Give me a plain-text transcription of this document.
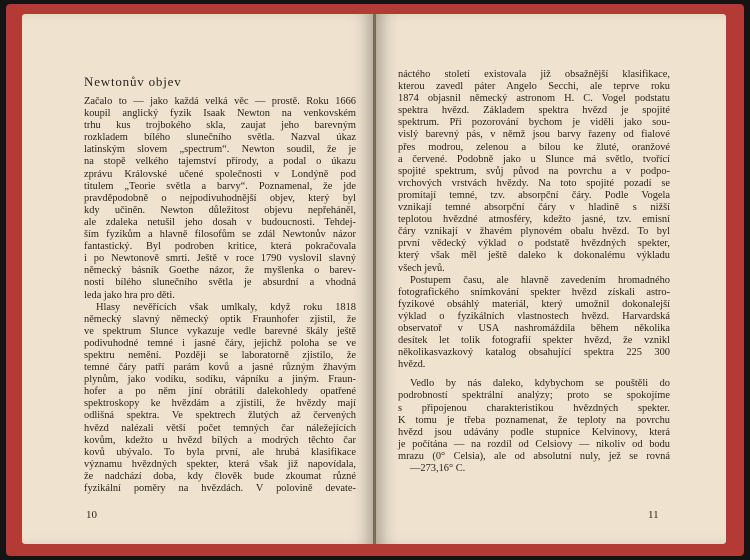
Newtonův objev
Začalo to — jako každá velká věc — prostě. Roku 1666
koupil anglický fyzik Isaak Newton na venkovském
trhu kus trojbokého skla, zaujat jeho barevným
rozkladem bílého slunečního světla. Nazval úkaz
latinským slovem „spectrum“. Newton soudil, že je
na stopě velkého tajemství přírody, a podal o úkazu
zprávu Královské učené společnosti v Londýně pod
titulem „Teorie světla a barvy“. Poznamenal, že jde
pravděpodobně o nejpodivuhodnější objev, který byl
kdy učiněn. Newton důležitost objevu nepřeháněl,
ale zdaleka netušil jeho dosah v budoucnosti. Tehdej-
ším fyzikům a hlavně filosofům se zdál Newtonův názor
fantastický. Byl podroben kritice, která pokračovala
i po Newtonově smrti. Ještě v roce 1790 vyslovil slavný
německý básník Goethe názor, že myšlenka o barev-
nosti bílého slunečního světla je absurdní a vhodná
leda jako hra pro děti.
Hlasy nevěřících však umlkaly, když roku 1818
německý slavný německý optik Fraunhofer zjistil, že
ve spektrum Slunce vykazuje vedle barevné škály ještě
podivuhodné temné i jasné čáry, jejichž poloha se ve
spektru nemění. Později se laboratorně zjistilo, že
temné čáry patří parám kovů a jasné různým žhavým
plynům, jako vodíku, sodíku, vápníku a jiným. Fraun-
hofer a po něm jiní obrátili dalekohledy opatřené
spektroskopy ke hvězdám a zjistili, že hvězdy mají
odlišná spektra. Ve spektrech žlutých až červených
hvězd nalézali větší počet temných čar náležejících
kovům, kdežto u hvězd bílých a modrých těchto čar
kovů ubývalo. To byla první, ale hrubá klasifikace
významu hvězdných spekter, která však již napovídala,
že nadchází doba, kdy člověk bude zkoumat různé
fyzikální poměry na hvězdách. V polovině devate-
10
náctého století existovala již obsažnější klasifikace,
kterou zavedl páter Angelo Secchi, ale teprve roku
1874 objasnil německý astronom H. C. Vogel podstatu
spektra hvězd. Základem spektra hvězd je spojité
spektrum. Při pozorování bychom je viděli jako sou-
vislý barevný pás, v němž jsou barvy řazeny od fialové
přes modrou, zelenou a bílou ke žluté, oranžové
a červené. Podobně jako u Slunce má světlo, tvořící
spojité spektrum, svůj původ na povrchu a v podpo-
vrchových vrstvách hvězdy. Na toto spojité pozadí se
promítají temné, tzv. absorpční čáry. Podle Vogela
vznikají temné absorpční čáry v hladině s nižší
teplotou hvězdné atmosféry, kdežto jasné, tzv. emisní
čáry vznikají v žhavém plynovém obalu hvězd. To byl
první vědecký výklad o podstatě hvězdných spekter,
který však měl ještě daleko k dokonalému výkladu
všech jevů.
Postupem času, ale hlavně zavedením hromadného
fotografického snímkování spekter hvězd získali astro-
fyzikové obsáhlý materiál, který umožnil dokonalejší
výklad o fyzikálních vlastnostech hvězd. Harvardská
observatoř v USA nashromáždila během několika
desítek let tolik fotografií spekter hvězd, že vznikl
několikasvazkový katalog obsahující spektra 225 300
hvězd.
Vedlo by nás daleko, kdybychom se pouštěli do
podrobností spektrální analýzy; proto se spokojíme
s připojenou charakteristikou hvězdných spekter.
K tomu je třeba poznamenat, že teploty na povrchu
hvězd jsou udávány podle stupnice Kelvinovy, která
je počítána — na rozdíl od Celsiovy — nikoliv od bodu
mrazu (0° Celsia), ale od absolutní nuly, jež se rovná
—273,16° C.
11
